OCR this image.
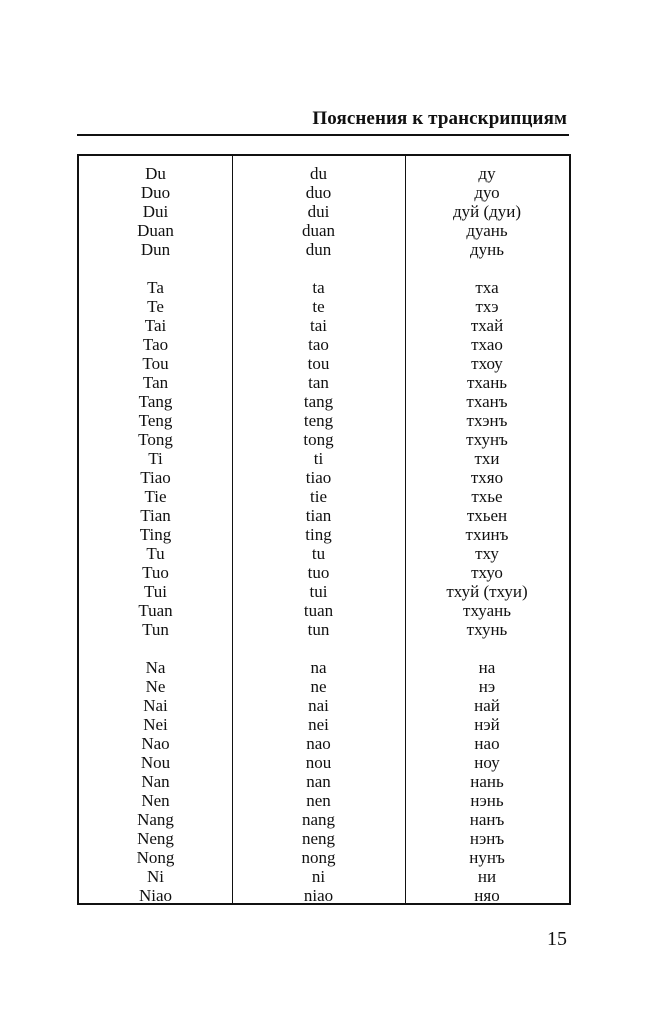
Пояснения к транскрипциям
Du	du	ду
Duo	duo	дуо
Dui	dui	дуй (дуи)
Duan	duan	дуань
Dun	dun	дунь
Ta	ta	тха
Te	te	тхэ
Tai	tai	тхай
Tao	tao	тхао
Tou	tou	тхоу
Tan	tan	тхань
Tang	tang	тханъ
Teng	teng	тхэнъ
Tong	tong	тхунъ
Ti	ti	тхи
Tiao	tiao	тхяо
Tie	tie	тхье
Tian	tian	тхьен
Ting	ting	тхинъ
Tu	tu	тху
Tuo	tuo	тхуо
Tui	tui	тхуй (тхуи)
Tuan	tuan	тхуань
Tun	tun	тхунь
Na	na	на
Ne	ne	нэ
Nai	nai	най
Nei	nei	нэй
Nao	nao	нао
Nou	nou	ноу
Nan	nan	нань
Nen	nen	нэнь
Nang	nang	нанъ
Neng	neng	нэнъ
Nong	nong	нунъ
Ni	ni	ни
Niao	niao	няо
15
